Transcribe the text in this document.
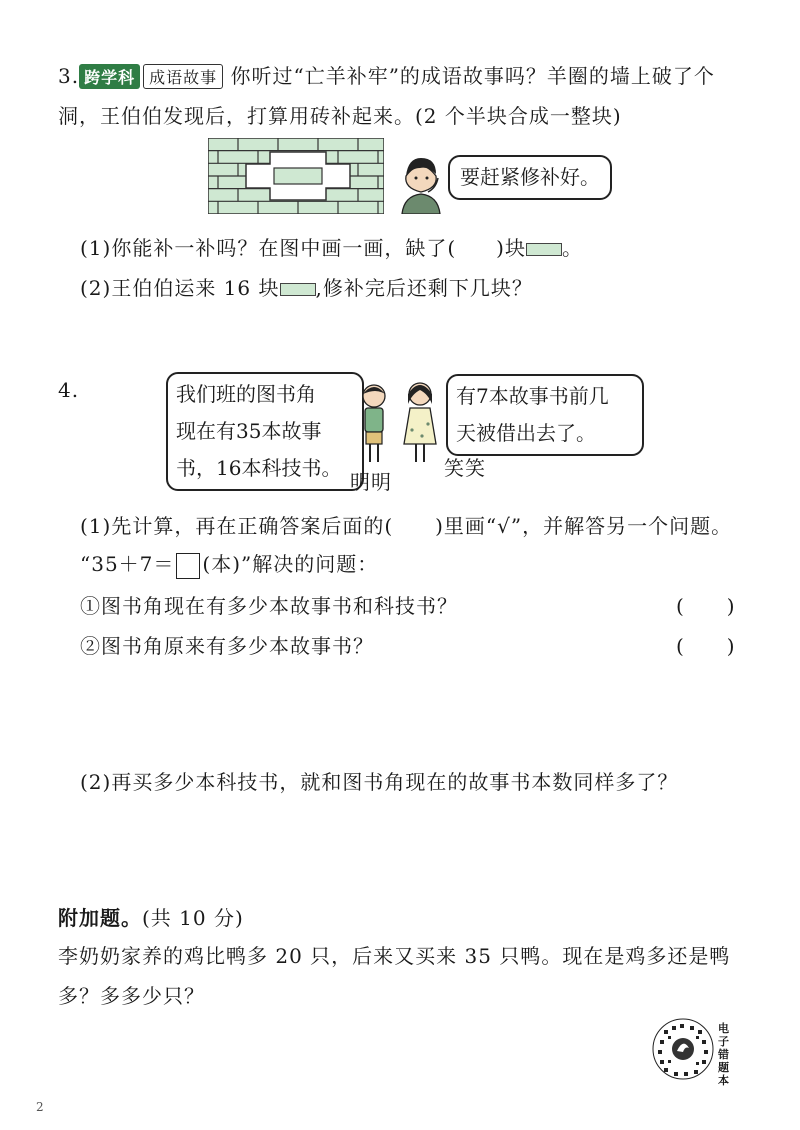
3. 跨学科 成语故事 你听过“亡羊补牢”的成语故事吗？羊圈的墙上破了个
洞，王伯伯发现后，打算用砖补起来。(2 个半块合成一整块)
要赶紧修补好。
(1)你能补一补吗？在图中画一画，缺了( )块 。
(2)王伯伯运来 16 块 ,修补完后还剩下几块？
4.	我们班的图书角
现在有35本故事
书，16本科技书。
明明
笑笑
有7本故事书前几
天被借出去了。
(1)先计算，再在正确答案后面的(　　)里画“√”，并解答另一个问题。
“35＋7＝ (本)”解决的问题：
①图书角现在有多少本故事书和科技书？	(　　)
②图书角原来有多少本故事书？	(　　)
(2)再买多少本科技书，就和图书角现在的故事书本数同样多了？
附加题。(共 10 分)
李奶奶家养的鸡比鸭多 20 只，后来又买来 35 只鸭。现在是鸡多还是鸭
多？多多少只？
电子错题本
2
